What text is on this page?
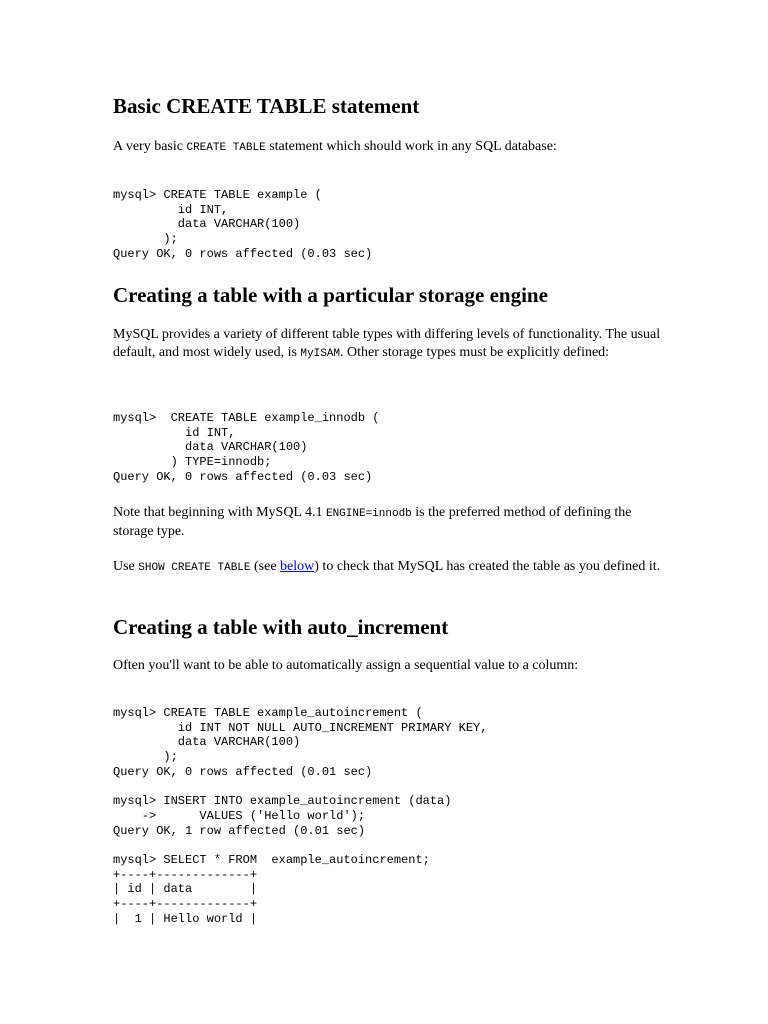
Basic CREATE TABLE statement

A very basic CREATE TABLE statement which should work in any SQL database:

mysql> CREATE TABLE example (
id INT,
data VARCHAR(100)
);
Query OK, 0 rows affected (0.03 sec)
Creating a table with a particular storage engine

MySQL provides a variety of different table types with differing levels of functionality. The usual default, and most widely used, is MyISAM. Other storage types must be explicitly defined:

mysql>  CREATE TABLE example_innodb (
id INT,
data VARCHAR(100)
) TYPE=innodb;
Query OK, 0 rows affected (0.03 sec)

Note that beginning with MySQL 4.1 ENGINE=innodb is the preferred method of defining the storage type.

Use SHOW CREATE TABLE (see below) to check that MySQL has created the table as you defined it.

Creating a table with auto_increment

Often you'll want to be able to automatically assign a sequential value to a column:

mysql> CREATE TABLE example_autoincrement (
id INT NOT NULL AUTO_INCREMENT PRIMARY KEY,
data VARCHAR(100)
);
Query OK, 0 rows affected (0.01 sec)

mysql> INSERT INTO example_autoincrement (data)
->      VALUES ('Hello world');
Query OK, 1 row affected (0.01 sec)

mysql> SELECT * FROM  example_autoincrement;
+----+-------------+
| id | data        |
+----+-------------+
|  1 | Hello world |
